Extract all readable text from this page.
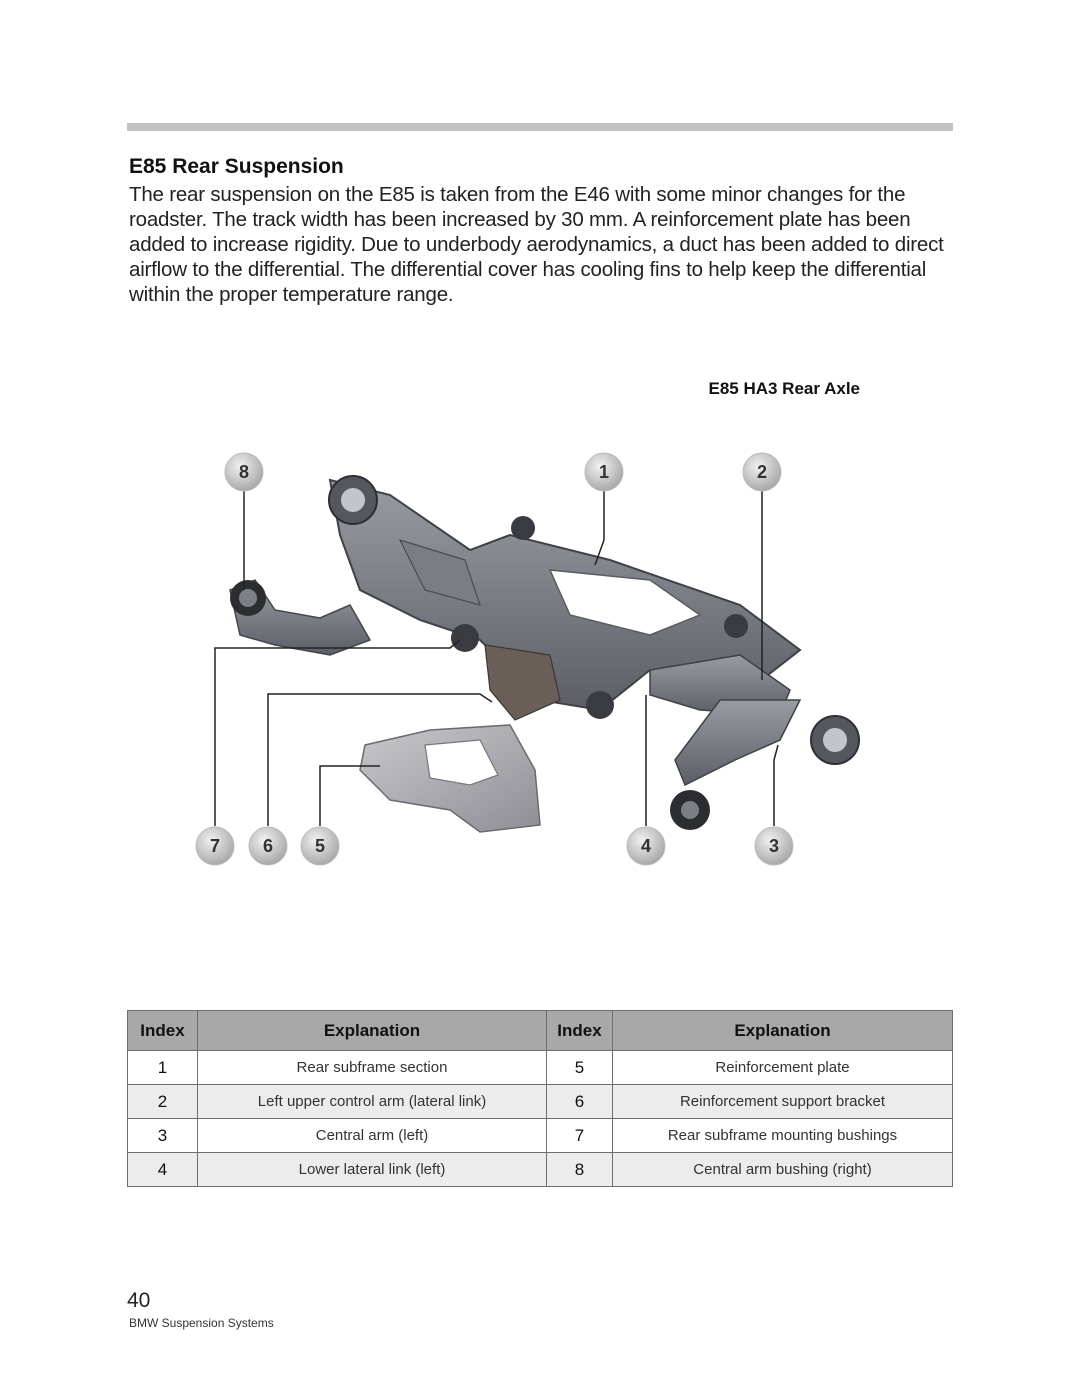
E85 Rear Suspension

The rear suspension on the E85 is taken from the E46 with some minor changes for the roadster. The track width has been increased by 30 mm. A reinforcement plate has been added to increase rigidity. Due to underbody aerodynamics, a duct has been added to direct airflow to the differential. The differential cover has cooling fins to help keep the differential within the proper temperature range.

E85 HA3 Rear Axle
8	1	2
7 6 5	4	3
Index	Explanation	Index	Explanation
1	Rear subframe section	5	Reinforcement plate
2	Left upper control arm (lateral link)	6	Reinforcement support bracket
3	Central arm (left)	7	Rear subframe mounting bushings
4	Lower lateral link (left)	8	Central arm bushing (right)
40
BMW Suspension Systems
